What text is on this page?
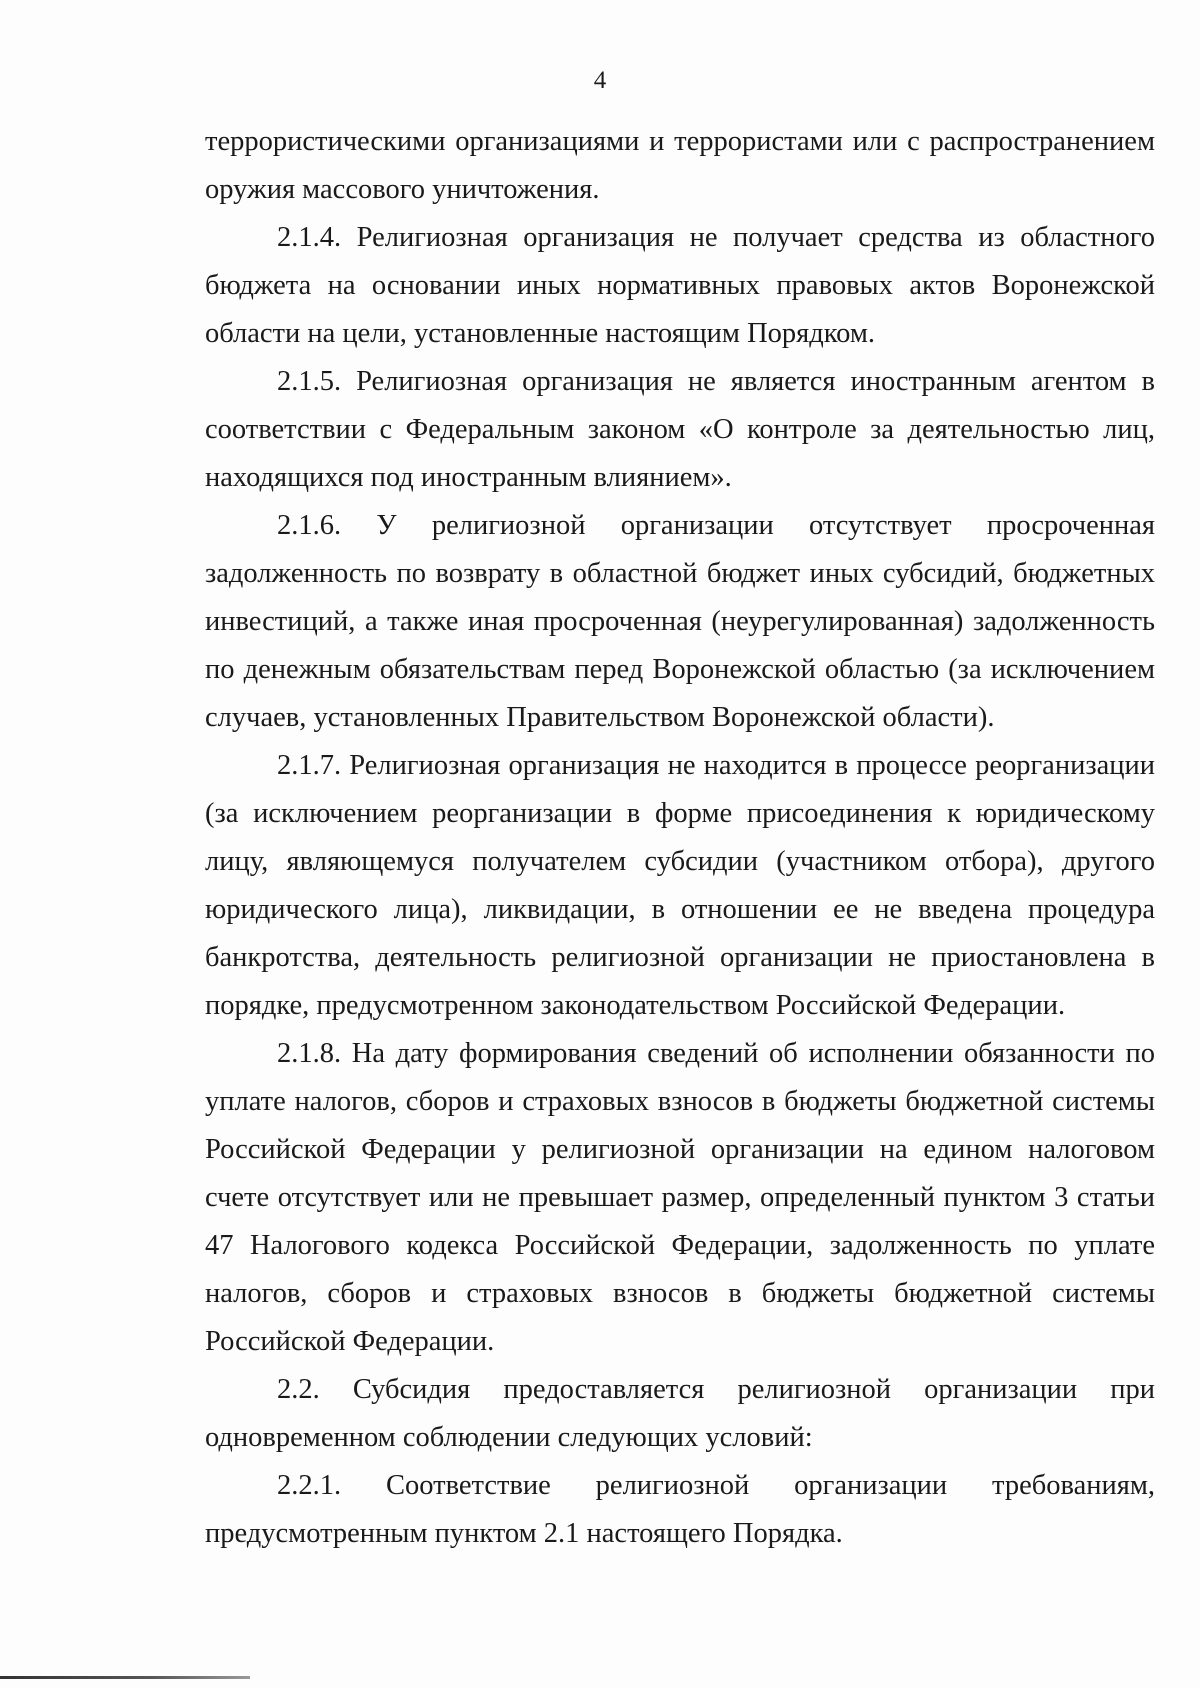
4

террористическими организациями и террористами или с распространением оружия массового уничтожения.

2.1.4. Религиозная организация не получает средства из областного бюджета на основании иных нормативных правовых актов Воронежской области на цели, установленные настоящим Порядком.

2.1.5. Религиозная организация не является иностранным агентом в соответствии с Федеральным законом «О контроле за деятельностью лиц, находящихся под иностранным влиянием».

2.1.6. У религиозной организации отсутствует просроченная задолженность по возврату в областной бюджет иных субсидий, бюджетных инвестиций, а также иная просроченная (неурегулированная) задолженность по денежным обязательствам перед Воронежской областью (за исключением случаев, установленных Правительством Воронежской области).

2.1.7. Религиозная организация не находится в процессе реорганизации (за исключением реорганизации в форме присоединения к юридическому лицу, являющемуся получателем субсидии (участником отбора), другого юридического лица), ликвидации, в отношении ее не введена процедура банкротства, деятельность религиозной организации не приостановлена в порядке, предусмотренном законодательством Российской Федерации.

2.1.8. На дату формирования сведений об исполнении обязанности по уплате налогов, сборов и страховых взносов в бюджеты бюджетной системы Российской Федерации у религиозной организации на едином налоговом счете отсутствует или не превышает размер, определенный пунктом 3 статьи 47 Налогового кодекса Российской Федерации, задолженность по уплате налогов, сборов и страховых взносов в бюджеты бюджетной системы Российской Федерации.

2.2. Субсидия предоставляется религиозной организации при одновременном соблюдении следующих условий:

2.2.1. Соответствие религиозной организации требованиям, предусмотренным пунктом 2.1 настоящего Порядка.
